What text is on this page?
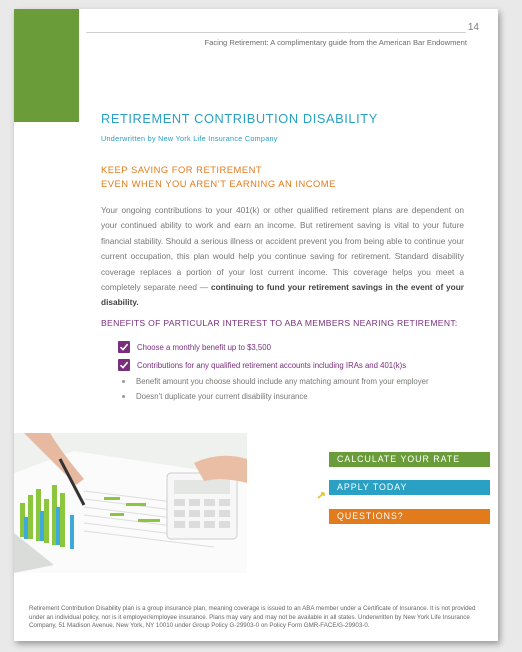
14
Facing Retirement: A complimentary guide from the American Bar Endowment
RETIREMENT CONTRIBUTION DISABILITY
Underwritten by New York Life Insurance Company
KEEP SAVING FOR RETIREMENT
EVEN WHEN YOU AREN’T EARNING AN INCOME
Your ongoing contributions to your 401(k) or other qualified retirement plans are dependent on your continued ability to work and earn an income. But retirement saving is vital to your future financial stability. Should a serious illness or accident prevent you from being able to continue your current occupation, this plan would help you continue saving for retirement. Standard disability coverage replaces a portion of your lost current income. This coverage helps you meet a completely separate need — continuing to fund your retirement savings in the event of your disability.
BENEFITS OF PARTICULAR INTEREST TO ABA MEMBERS NEARING RETIREMENT:
Choose a monthly benefit up to $3,500
Contributions for any qualified retirement accounts including IRAs and 401(k)s
Benefit amount you choose should include any matching amount from your employer
Doesn’t duplicate your current disability insurance
CALCULATE YOUR RATE
APPLY TODAY
QUESTIONS?
Retirement Contribution Disability plan is a group insurance plan, meaning coverage is issued to an ABA member under a Certificate of Insurance. It is not provided under an individual policy, nor is it employer/employee insurance. Plans may vary and may not be available in all states. Underwritten by New York Life Insurance Company, 51 Madison Avenue, New York, NY 10010 under Group Policy G-29903-0 on Policy Form GMR-FACE/G-29903-0.
